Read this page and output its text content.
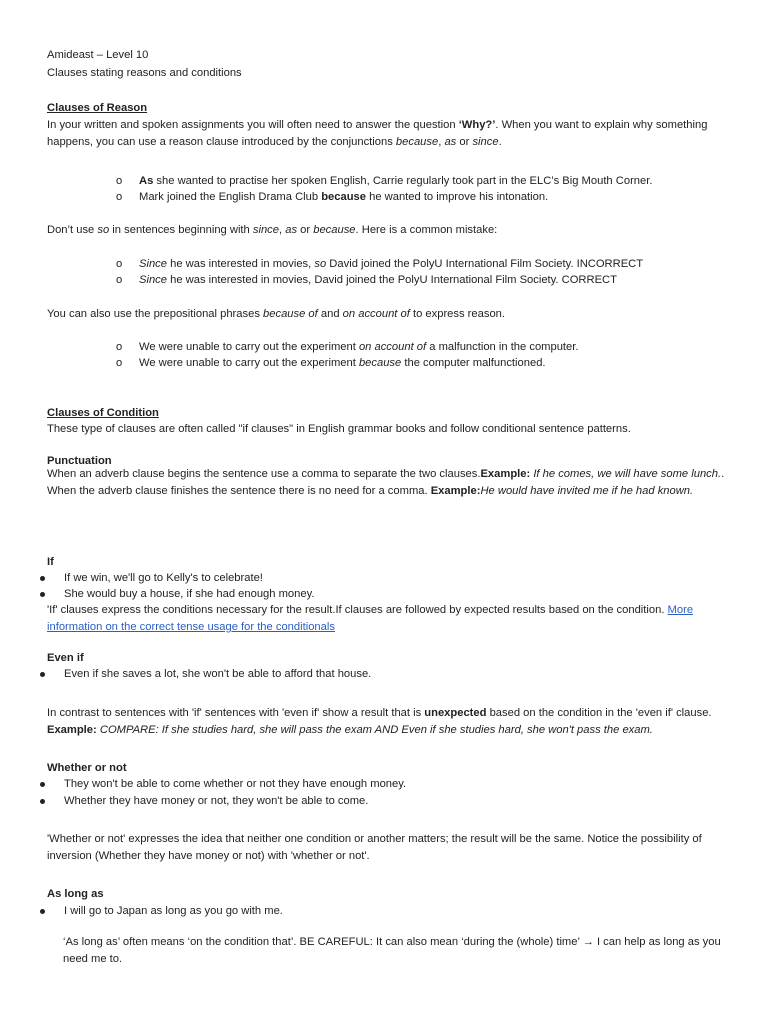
Amideast – Level 10

Clauses stating reasons and conditions

Clauses of Reason

In your written and spoken assignments you will often need to answer the question ‘Why?’. When you want to explain why something happens, you can use a reason clause introduced by the conjunctions because, as or since.

o As she wanted to practise her spoken English, Carrie regularly took part in the ELC’s Big Mouth Corner.
o Mark joined the English Drama Club because he wanted to improve his intonation.

Don’t use so in sentences beginning with since, as or because. Here is a common mistake:

o Since he was interested in movies, so David joined the PolyU International Film Society. INCORRECT
o Since he was interested in movies, David joined the PolyU International Film Society. CORRECT

You can also use the prepositional phrases because of and on account of to express reason.

o We were unable to carry out the experiment on account of a malfunction in the computer.
o We were unable to carry out the experiment because the computer malfunctioned.

Clauses of Condition

These type of clauses are often called "if clauses" in English grammar books and follow conditional sentence patterns.

Punctuation

When an adverb clause begins the sentence use a comma to separate the two clauses.Example: If he comes, we will have some lunch.. When the adverb clause finishes the sentence there is no need for a comma. Example:He would have invited me if he had known.

If

If we win, we'll go to Kelly's to celebrate!
She would buy a house, if she had enough money.

'If' clauses express the conditions necessary for the result.If clauses are followed by expected results based on the condition. More information on the correct tense usage for the conditionals

Even if

Even if she saves a lot, she won't be able to afford that house.

In contrast to sentences with 'if' sentences with 'even if' show a result that is unexpected based on the condition in the 'even if' clause. Example: COMPARE: If she studies hard, she will pass the exam AND Even if she studies hard, she won't pass the exam.

Whether or not

They won't be able to come whether or not they have enough money.
Whether they have money or not, they won't be able to come.

'Whether or not' expresses the idea that neither one condition or another matters; the result will be the same. Notice the possibility of inversion (Whether they have money or not) with 'whether or not'.

As long as

I will go to Japan as long as you go with me.

‘As long as’ often means ‘on the condition that’. BE CAREFUL: It can also mean ‘during the (whole) time’ → I can help as long as you need me to.
